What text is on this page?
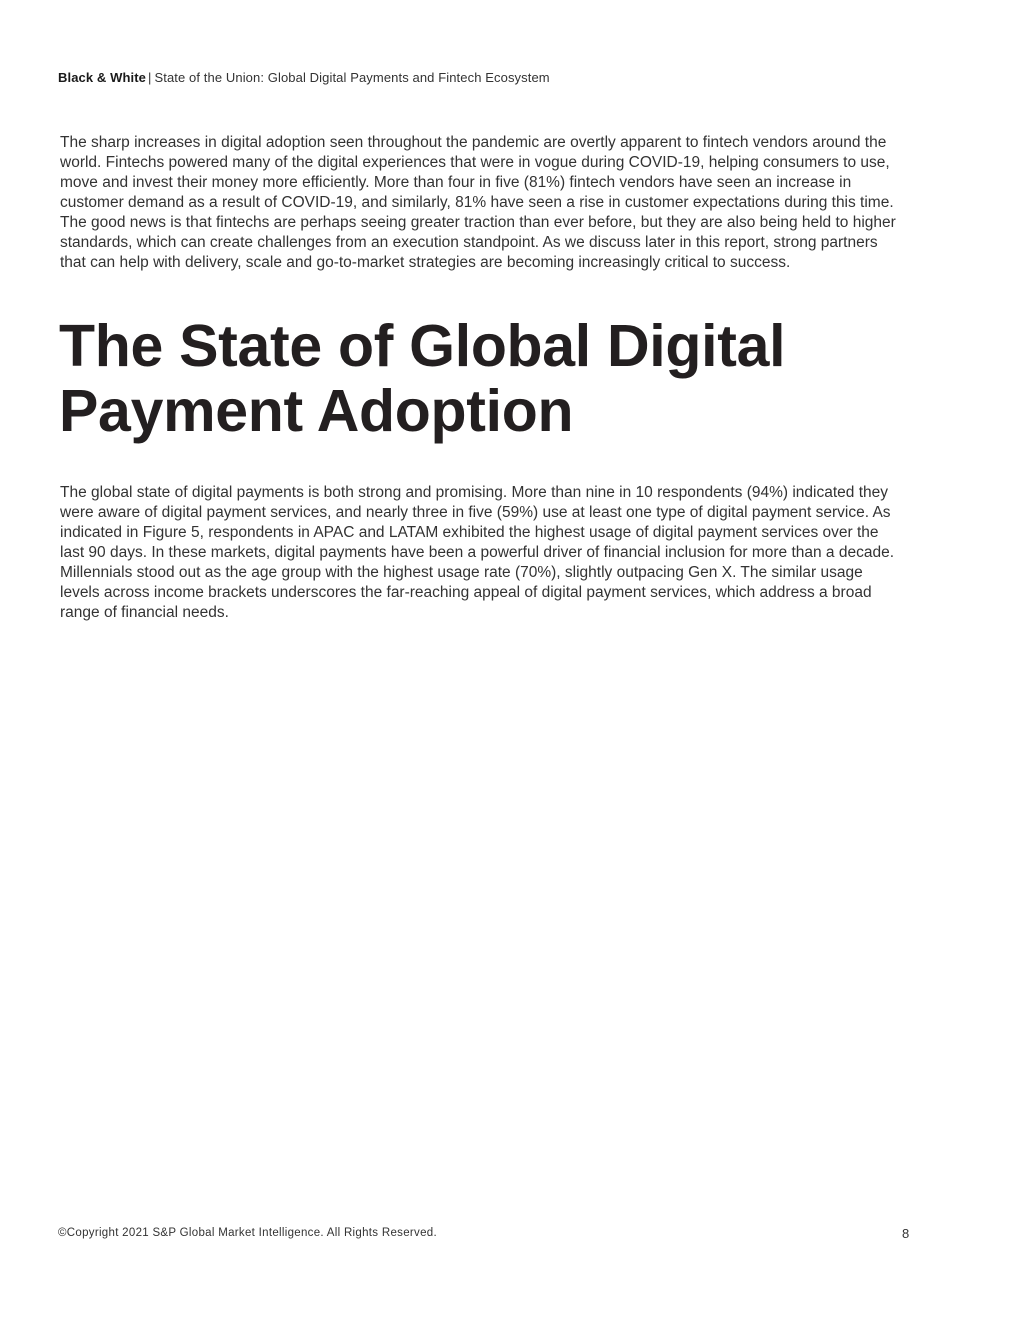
Black & White | State of the Union: Global Digital Payments and Fintech Ecosystem

The sharp increases in digital adoption seen throughout the pandemic are overtly apparent to fintech vendors around the world. Fintechs powered many of the digital experiences that were in vogue during COVID-19, helping consumers to use, move and invest their money more efficiently. More than four in five (81%) fintech vendors have seen an increase in customer demand as a result of COVID-19, and similarly, 81% have seen a rise in customer expectations during this time. The good news is that fintechs are perhaps seeing greater traction than ever before, but they are also being held to higher standards, which can create challenges from an execution standpoint. As we discuss later in this report, strong partners that can help with delivery, scale and go-to-market strategies are becoming increasingly critical to success.

The State of Global Digital Payment Adoption

The global state of digital payments is both strong and promising. More than nine in 10 respondents (94%) indicated they were aware of digital payment services, and nearly three in five (59%) use at least one type of digital payment service. As indicated in Figure 5, respondents in APAC and LATAM exhibited the highest usage of digital payment services over the last 90 days. In these markets, digital payments have been a powerful driver of financial inclusion for more than a decade. Millennials stood out as the age group with the highest usage rate (70%), slightly outpacing Gen X. The similar usage levels across income brackets underscores the far-reaching appeal of digital payment services, which address a broad range of financial needs.

©Copyright 2021 S&P Global Market Intelligence. All Rights Reserved.	8
